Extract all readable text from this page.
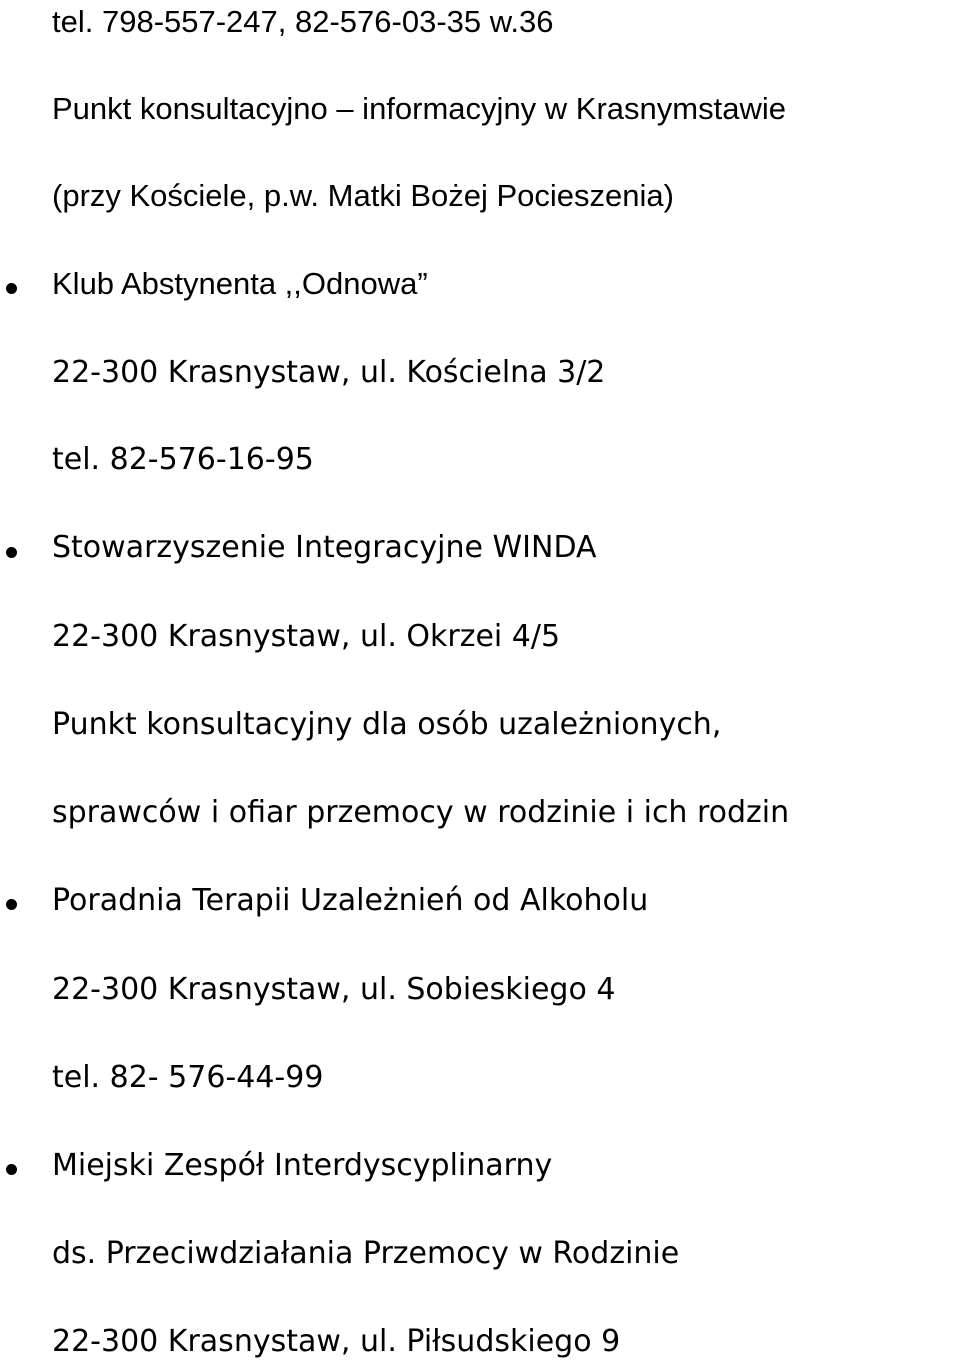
tel. 798-557-247, 82-576-03-35 w.36
Punkt konsultacyjno – informacyjny w Krasnymstawie
(przy Kościele, p.w. Matki Bożej Pocieszenia)
Klub Abstynenta ,,Odnowa”
22-300 Krasnystaw, ul. Kościelna 3/2
tel. 82-576-16-95
Stowarzyszenie Integracyjne WINDA
22-300 Krasnystaw, ul. Okrzei 4/5
Punkt konsultacyjny dla osób uzależnionych,
sprawców i ofiar przemocy w rodzinie i ich rodzin
Poradnia Terapii Uzależnień od Alkoholu
22-300 Krasnystaw, ul. Sobieskiego 4
tel. 82- 576-44-99
Miejski Zespół Interdyscyplinarny
ds. Przeciwdziałania Przemocy w Rodzinie
22-300 Krasnystaw, ul. Piłsudskiego 9
